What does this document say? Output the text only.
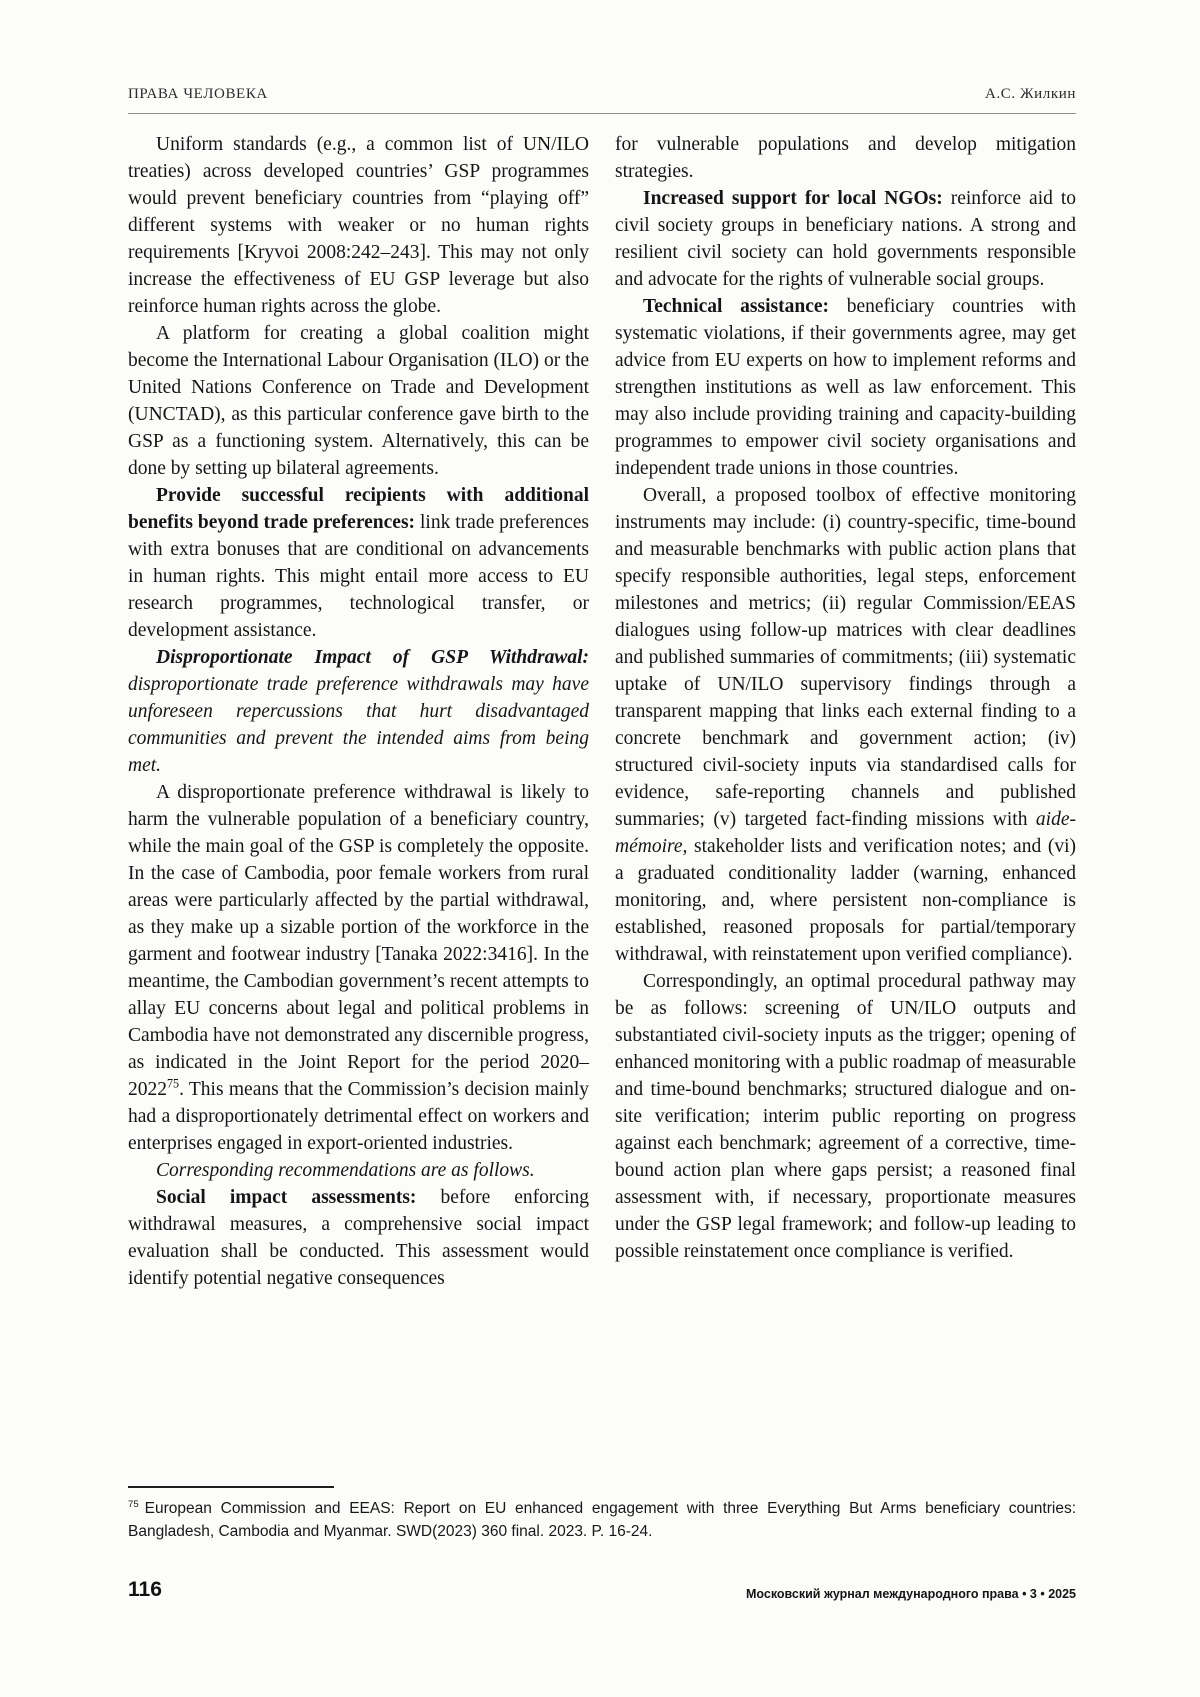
ПРАВА ЧЕЛОВЕКА	А.С. Жилкин

Uniform standards (e.g., a common list of UN/ILO treaties) across developed countries’ GSP programmes would prevent beneficiary countries from “playing off” different systems with weaker or no human rights requirements [Kryvoi 2008:242–243]. This may not only increase the effectiveness of EU GSP leverage but also reinforce human rights across the globe.

A platform for creating a global coalition might become the International Labour Organisation (ILO) or the United Nations Conference on Trade and Development (UNCTAD), as this particular conference gave birth to the GSP as a functioning system. Alternatively, this can be done by setting up bilateral agreements.

Provide successful recipients with additional benefits beyond trade preferences: link trade preferences with extra bonuses that are conditional on advancements in human rights. This might entail more access to EU research programmes, technological transfer, or development assistance.

Disproportionate Impact of GSP Withdrawal: disproportionate trade preference withdrawals may have unforeseen repercussions that hurt disadvantaged communities and prevent the intended aims from being met.

A disproportionate preference withdrawal is likely to harm the vulnerable population of a beneficiary country, while the main goal of the GSP is completely the opposite. In the case of Cambodia, poor female workers from rural areas were particularly affected by the partial withdrawal, as they make up a sizable portion of the workforce in the garment and footwear industry [Tanaka 2022:3416]. In the meantime, the Cambodian government’s recent attempts to allay EU concerns about legal and political problems in Cambodia have not demonstrated any discernible progress, as indicated in the Joint Report for the period 2020–2022$^{75}$. This means that the Commission’s decision mainly had a disproportionately detrimental effect on workers and enterprises engaged in export-oriented industries.

Corresponding recommendations are as follows.

Social impact assessments: before enforcing withdrawal measures, a comprehensive social impact evaluation shall be conducted. This assessment would identify potential negative consequences

for vulnerable populations and develop mitigation strategies.

Increased support for local NGOs: reinforce aid to civil society groups in beneficiary nations. A strong and resilient civil society can hold governments responsible and advocate for the rights of vulnerable social groups.

Technical assistance: beneficiary countries with systematic violations, if their governments agree, may get advice from EU experts on how to implement reforms and strengthen institutions as well as law enforcement. This may also include providing training and capacity-building programmes to empower civil society organisations and independent trade unions in those countries.

Overall, a proposed toolbox of effective monitoring instruments may include: (i) country-specific, time-bound and measurable benchmarks with public action plans that specify responsible authorities, legal steps, enforcement milestones and metrics; (ii) regular Commission/EEAS dialogues using follow-up matrices with clear deadlines and published summaries of commitments; (iii) systematic uptake of UN/ILO supervisory findings through a transparent mapping that links each external finding to a concrete benchmark and government action; (iv) structured civil-society inputs via standardised calls for evidence, safe-reporting channels and published summaries; (v) targeted fact-finding missions with aide-mémoire, stakeholder lists and verification notes; and (vi) a graduated conditionality ladder (warning, enhanced monitoring, and, where persistent non-compliance is established, reasoned proposals for partial/temporary withdrawal, with reinstatement upon verified compliance).

Correspondingly, an optimal procedural pathway may be as follows: screening of UN/ILO outputs and substantiated civil-society inputs as the trigger; opening of enhanced monitoring with a public roadmap of measurable and time-bound benchmarks; structured dialogue and on-site verification; interim public reporting on progress against each benchmark; agreement of a corrective, time-bound action plan where gaps persist; a reasoned final assessment with, if necessary, proportionate measures under the GSP legal framework; and follow-up leading to possible reinstatement once compliance is verified.

$^{75}$ European Commission and EEAS: Report on EU enhanced engagement with three Everything But Arms beneficiary countries: Bangladesh, Cambodia and Myanmar. SWD(2023) 360 final. 2023. P. 16-24.
116	Московский журнал международного права • 3 • 2025
